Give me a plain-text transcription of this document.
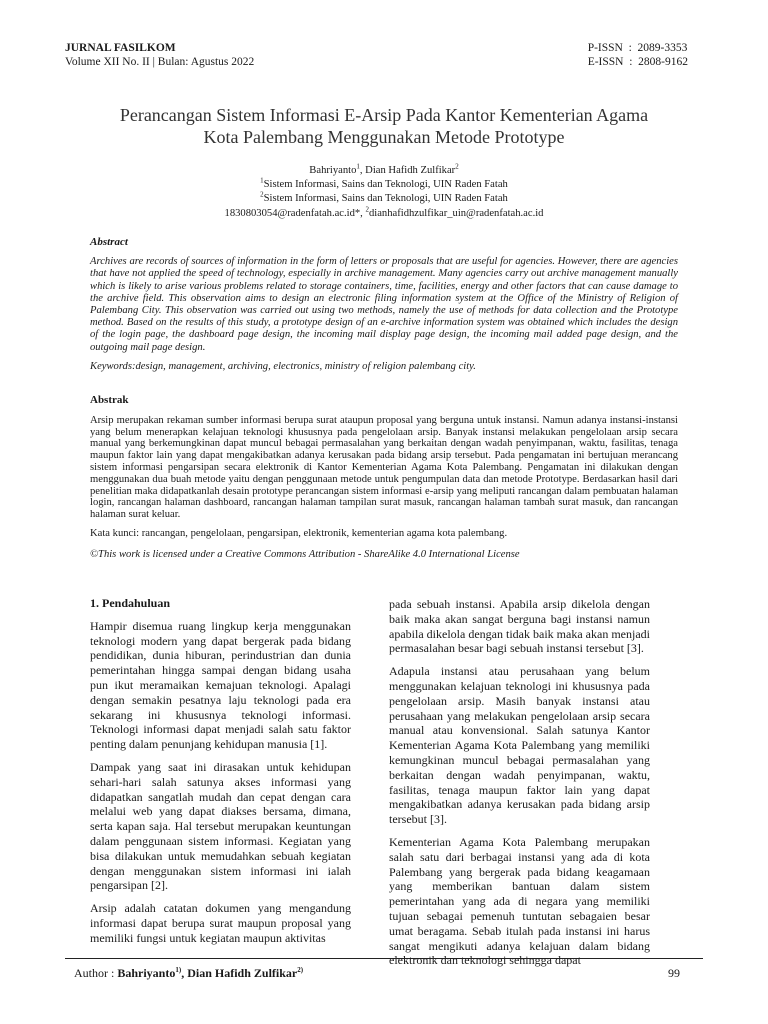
JURNAL FASILKOM
Volume XII No. II | Bulan: Agustus 2022
P-ISSN  :  2089-3353
E-ISSN  :  2808-9162
Perancangan Sistem Informasi E-Arsip Pada Kantor Kementerian Agama
Kota Palembang Menggunakan Metode Prototype
Bahriyanto$^1$, Dian Hafidh Zulfikar$^2$
$^1$Sistem Informasi, Sains dan Teknologi, UIN Raden Fatah
$^2$Sistem Informasi, Sains dan Teknologi, UIN Raden Fatah
1830803054@radenfatah.ac.id*, $^2$dianhafidhzulfikar_uin@radenfatah.ac.id
Abstract
Archives are records of sources of information in the form of letters or proposals that are useful for agencies. However, there are agencies that have not applied the speed of technology, especially in archive management. Many agencies carry out archive management manually which is likely to arise various problems related to storage containers, time, facilities, energy and other factors that can cause damage to the archive field. This observation aims to design an electronic filing information system at the Office of the Ministry of Religion of Palembang City. This observation was carried out using two methods, namely the use of methods for data collection and the Prototype method. Based on the results of this study, a prototype design of an e-archive information system was obtained which includes the design of the login page, the dashboard page design, the incoming mail display page design, the incoming mail added page design, and the outgoing mail page design.
Keywords:design, management, archiving, electronics, ministry of religion palembang city.
Abstrak
Arsip merupakan rekaman sumber informasi berupa surat ataupun proposal yang berguna untuk instansi. Namun adanya instansi-instansi yang belum menerapkan kelajuan teknologi khususnya pada pengelolaan arsip. Banyak instansi melakukan pengelolaan arsip secara manual yang berkemungkinan dapat muncul bebagai permasalahan yang berkaitan dengan wadah penyimpanan, waktu, fasilitas, tenaga maupun faktor lain yang dapat mengakibatkan adanya kerusakan pada bidang arsip tersebut. Pada pengamatan ini bertujuan merancang sistem informasi pengarsipan secara elektronik di Kantor Kementerian Agama Kota Palembang. Pengamatan ini dilakukan dengan menggunakan dua buah metode yaitu dengan penggunaan metode untuk pengumpulan data dan metode Prototype. Berdasarkan hasil dari penelitian maka didapatkanlah desain prototype perancangan sistem informasi e-arsip yang meliputi rancangan dalam pembuatan halaman login, rancangan halaman dashboard, rancangan halaman tampilan surat masuk, rancangan halaman tambah surat masuk, dan rancangan halaman surat keluar.
Kata kunci: rancangan, pengelolaan, pengarsipan, elektronik, kementerian agama kota palembang.
©This work is licensed under a Creative Commons Attribution - ShareAlike 4.0 International License
1. Pendahuluan

Hampir disemua ruang lingkup kerja menggunakan teknologi modern yang dapat bergerak pada bidang pendidikan, dunia hiburan, perindustrian dan dunia pemerintahan hingga sampai dengan bidang usaha pun ikut meramaikan kemajuan teknologi. Apalagi dengan semakin pesatnya laju teknologi pada era sekarang ini khususnya teknologi informasi. Teknologi informasi dapat menjadi salah satu faktor penting dalam penunjang kehidupan manusia [1].

Dampak yang saat ini dirasakan untuk kehidupan sehari-hari salah satunya akses informasi yang didapatkan sangatlah mudah dan cepat dengan cara melalui web yang dapat diakses bersama, dimana, serta kapan saja. Hal tersebut merupakan keuntungan dalam penggunaan sistem informasi. Kegiatan yang bisa dilakukan untuk memudahkan sebuah kegiatan dengan menggunakan sistem informasi ini ialah pengarsipan [2].

Arsip adalah catatan dokumen yang mengandung informasi dapat berupa surat maupun proposal yang memiliki fungsi untuk kegiatan maupun aktivitas

pada sebuah instansi. Apabila arsip dikelola dengan baik maka akan sangat berguna bagi instansi namun apabila dikelola dengan tidak baik maka akan menjadi permasalahan besar bagi sebuah instansi tersebut [3].

Adapula instansi atau perusahaan yang belum menggunakan kelajuan teknologi ini khususnya pada pengelolaan arsip. Masih banyak instansi atau perusahaan yang melakukan pengelolaan arsip secara manual atau konvensional. Salah satunya Kantor Kementerian Agama Kota Palembang yang memiliki kemungkinan muncul bebagai permasalahan yang berkaitan dengan wadah penyimpanan, waktu, fasilitas, tenaga maupun faktor lain yang dapat mengakibatkan adanya kerusakan pada bidang arsip tersebut [3].

Kementerian Agama Kota Palembang merupakan salah satu dari berbagai instansi yang ada di kota Palembang yang bergerak pada bidang keagamaan yang memberikan bantuan dalam sistem pemerintahan yang ada di negara yang memiliki tujuan sebagai pemenuh tuntutan sebagaien besar umat beragama. Sebab itulah pada instansi ini harus sangat mengikuti adanya kelajuan dalam bidang elektronik dan teknologi sehingga dapat

Author : Bahriyanto$^{1)}$, Dian Hafidh Zulfikar$^{2)}$	99
